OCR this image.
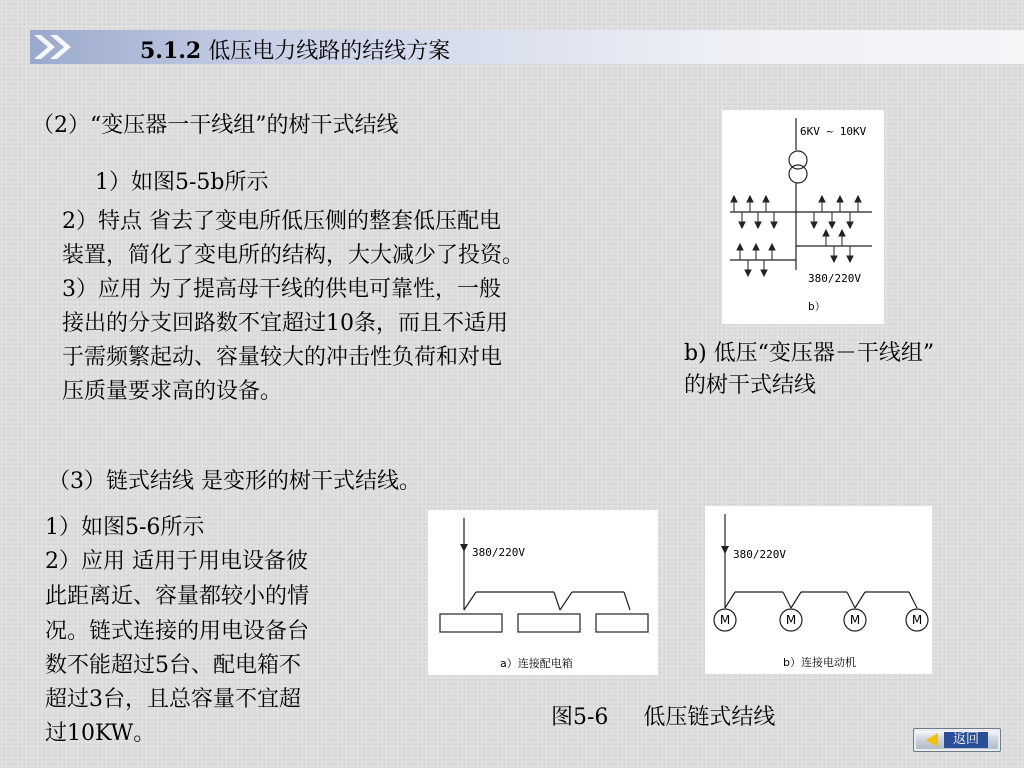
5.1.2 低压电力线路的结线方案
（2）“变压器一干线组”的树干式结线
1）如图5-5b所示
2）特点 省去了变电所低压侧的整套低压配电
装置，简化了变电所的结构，大大减少了投资。
3）应用 为了提高母干线的供电可靠性，一般
接出的分支回路数不宜超过10条，而且不适用
于需频繁起动、容量较大的冲击性负荷和对电
压质量要求高的设备。
6KV ~ 10KV
380/220V
b）
b) 低压“变压器－干线组”
的树干式结线
（3）链式结线 是变形的树干式结线。
1）如图5-6所示
2）应用 适用于用电设备彼
此距离近、容量都较小的情
况。链式连接的用电设备台
数不能超过5台、配电箱不
超过3台，且总容量不宜超
过10KW。
380/220V
a）连接配电箱
380/220V
M	M	M	M
b）连接电动机
图5-6     低压链式结线
返回
